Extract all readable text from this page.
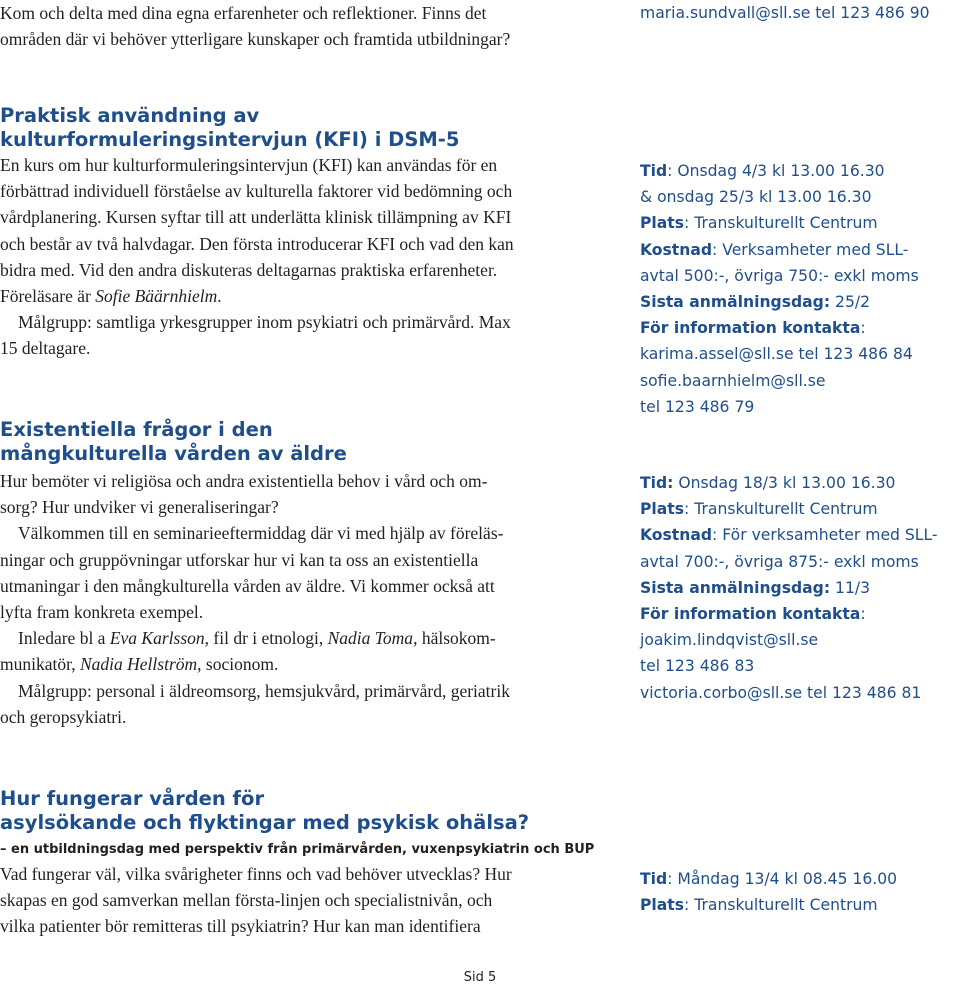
Kom och delta med dina egna erfarenheter och reflektioner. Finns det
områden där vi behöver ytterligare kunskaper och framtida utbildningar?
maria.sundvall@sll.se tel 123 486 90
Praktisk användning av
kulturformuleringsintervjun (KFI) i DSM-5
En kurs om hur kulturformuleringsintervjun (KFI) kan användas för en
förbättrad individuell förståelse av kulturella faktorer vid bedömning och
vårdplanering. Kursen syftar till att underlätta klinisk tillämpning av KFI
och består av två halvdagar. Den första introducerar KFI och vad den kan
bidra med. Vid den andra diskuteras deltagarnas praktiska erfarenheter.
Föreläsare är Sofie Bäärnhielm.
Målgrupp: samtliga yrkesgrupper inom psykiatri och primärvård. Max
15 deltagare.
Tid: Onsdag 4/3 kl 13.00 16.30
& onsdag 25/3 kl 13.00 16.30
Plats: Transkulturellt Centrum
Kostnad: Verksamheter med SLL-
avtal 500:-, övriga 750:- exkl moms
Sista anmälningsdag: 25/2
För information kontakta:
karima.assel@sll.se tel 123 486 84
sofie.baarnhielm@sll.se
tel 123 486 79
Existentiella frågor i den
mångkulturella vården av äldre
Hur bemöter vi religiösa och andra existentiella behov i vård och om-
sorg? Hur undviker vi generaliseringar?
Välkommen till en seminarieeftermiddag där vi med hjälp av föreläs-
ningar och gruppövningar utforskar hur vi kan ta oss an existentiella
utmaningar i den mångkulturella vården av äldre. Vi kommer också att
lyfta fram konkreta exempel.
Inledare bl a Eva Karlsson, fil dr i etnologi, Nadia Toma, hälsokom-
munikatör, Nadia Hellström, socionom.
Målgrupp: personal i äldreomsorg, hemsjukvård, primärvård, geriatrik
och geropsykiatri.
Tid: Onsdag 18/3 kl 13.00 16.30
Plats: Transkulturellt Centrum
Kostnad: För verksamheter med SLL-
avtal 700:-, övriga 875:- exkl moms
Sista anmälningsdag: 11/3
För information kontakta:
joakim.lindqvist@sll.se
tel 123 486 83
victoria.corbo@sll.se tel 123 486 81
Hur fungerar vården för
asylsökande och flyktingar med psykisk ohälsa?
– en utbildningsdag med perspektiv från primärvården, vuxenpsykiatrin och BUP
Vad fungerar väl, vilka svårigheter finns och vad behöver utvecklas? Hur
skapas en god samverkan mellan första-linjen och specialistnivån, och
vilka patienter bör remitteras till psykiatrin? Hur kan man identifiera
Tid: Måndag 13/4 kl 08.45 16.00
Plats: Transkulturellt Centrum
Sid 5
